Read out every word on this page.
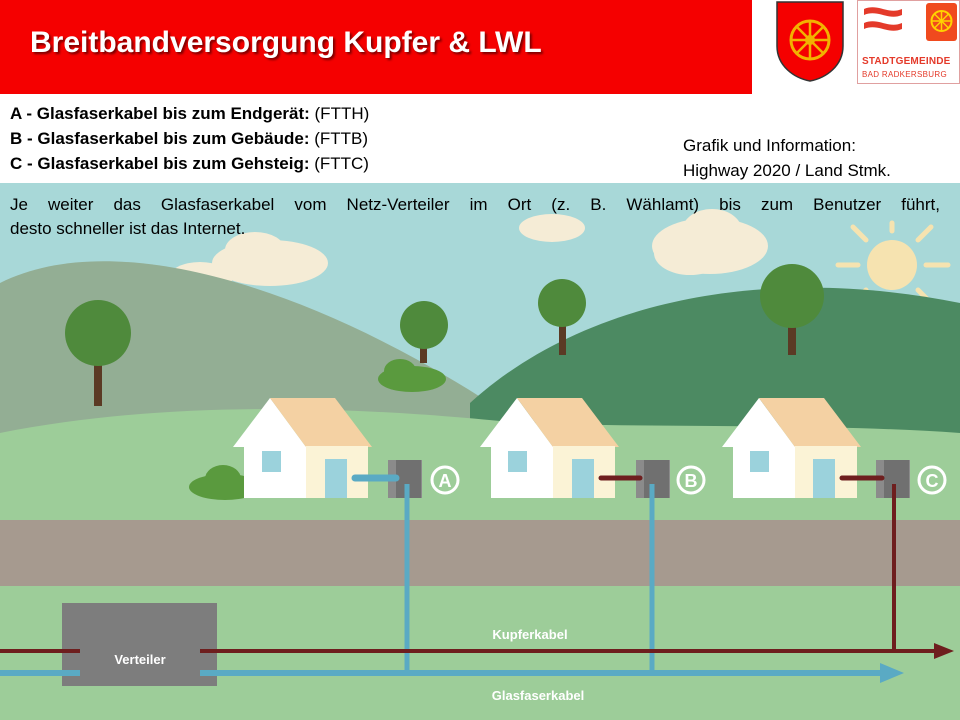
Breitbandversorgung Kupfer & LWL
STADTGEMEINDE
BAD RADKERSBURG
A - Glasfaserkabel bis zum Endgerät: (FTTH)
B - Glasfaserkabel bis zum Gebäude: (FTTB)
C - Glasfaserkabel bis zum Gehsteig: (FTTC)
Grafik und Information:
Highway 2020 / Land Stmk.
A	B	C
Verteiler
Kupferkabel
Glasfaserkabel
Je weiter das Glasfaserkabel vom Netz-Verteiler im Ort (z. B. Wählamt) bis zum Benutzer führt,
desto schneller ist das Internet.
